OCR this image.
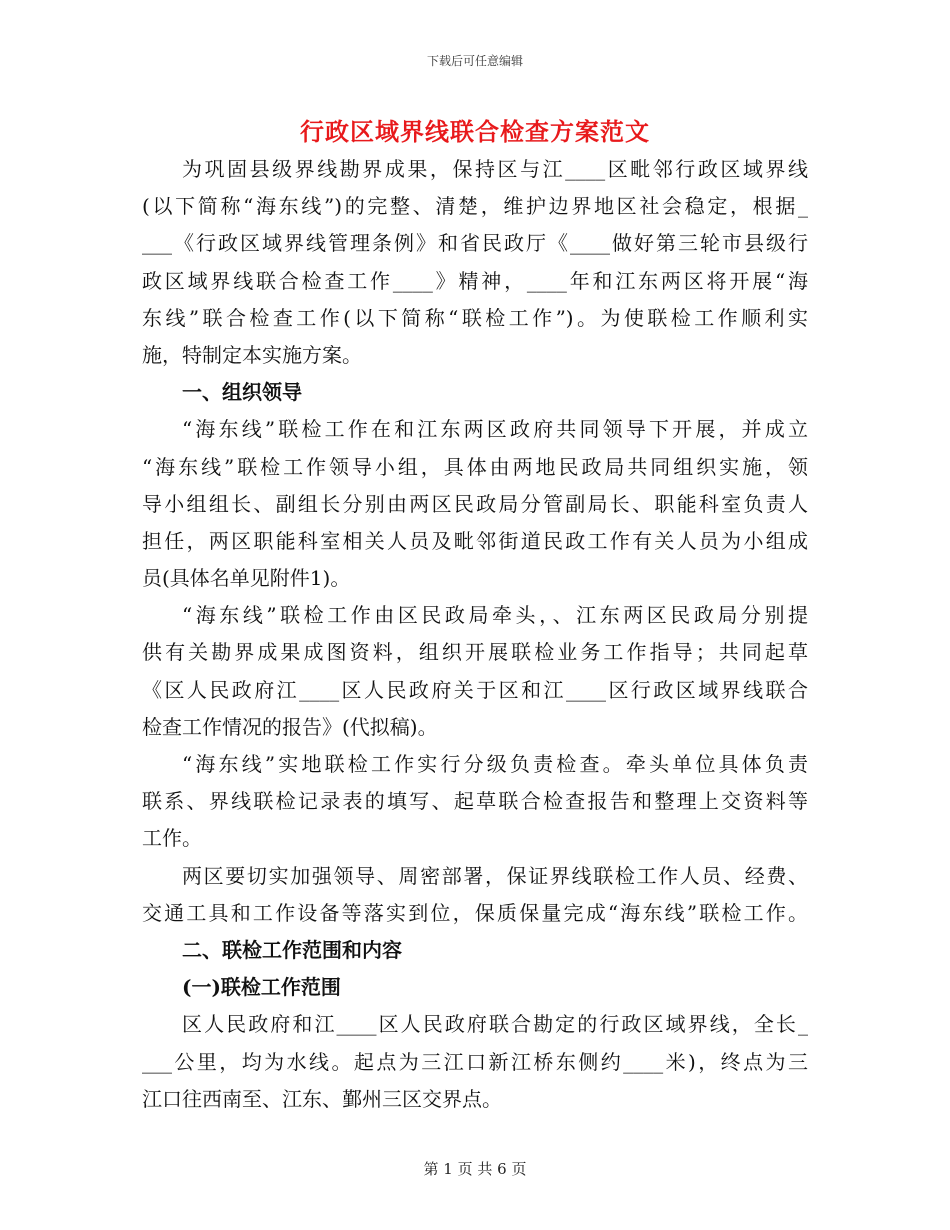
下载后可任意编辑
行政区域界线联合检查方案范文
为巩固县级界线勘界成果，保持区与江____区毗邻行政区域界线
(以下简称“海东线”)的完整、清楚，维护边界地区社会稳定，根据_
___《行政区域界线管理条例》和省民政厅《____做好第三轮市县级行
政区域界线联合检查工作____》精神，____年和江东两区将开展“海
东线”联合检查工作(以下简称“联检工作”)。为使联检工作顺利实
施，特制定本实施方案。
一、组织领导
“海东线”联检工作在和江东两区政府共同领导下开展，并成立
“海东线”联检工作领导小组，具体由两地民政局共同组织实施，领
导小组组长、副组长分别由两区民政局分管副局长、职能科室负责人
担任，两区职能科室相关人员及毗邻街道民政工作有关人员为小组成
员(具体名单见附件1)。
“海东线”联检工作由区民政局牵头，、江东两区民政局分别提
供有关勘界成果成图资料，组织开展联检业务工作指导；共同起草
《区人民政府江____区人民政府关于区和江____区行政区域界线联合
检查工作情况的报告》(代拟稿)。
“海东线”实地联检工作实行分级负责检查。牵头单位具体负责
联系、界线联检记录表的填写、起草联合检查报告和整理上交资料等
工作。
两区要切实加强领导、周密部署，保证界线联检工作人员、经费、
交通工具和工作设备等落实到位，保质保量完成“海东线”联检工作。
二、联检工作范围和内容
(一)联检工作范围
区人民政府和江____区人民政府联合勘定的行政区域界线，全长_
___公里，均为水线。起点为三江口新江桥东侧约____米)，终点为三
江口往西南至、江东、鄞州三区交界点。
第 1 页 共 6 页
